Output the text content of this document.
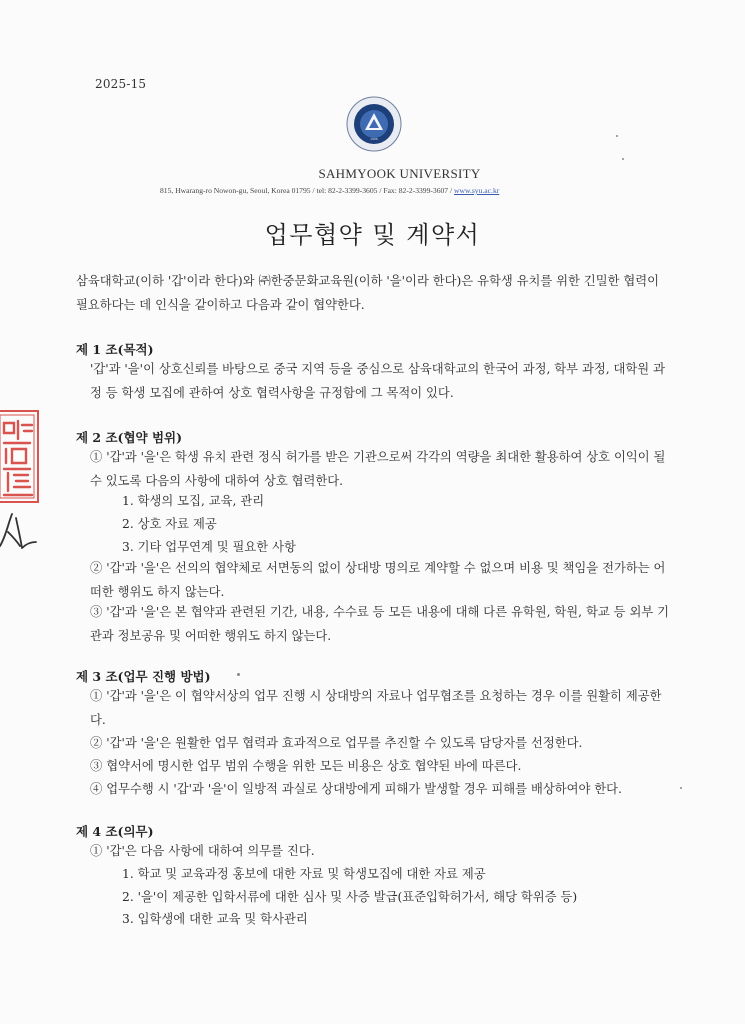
2025-15
1906
SAHMYOOK UNIVERSITY
815, Hwarang-ro Nowon-gu, Seoul, Korea 01795 / tel: 82-2-3399-3605 / Fax: 82-2-3399-3607 / www.syu.ac.kr
업무협약 및 계약서
삼육대학교(이하 '갑'이라 한다)와 ㈜한중문화교육원(이하 '을'이라 한다)은 유학생 유치를 위한 긴밀한 협력이 필요하다는 데 인식을 같이하고 다음과 같이 협약한다.
제 1 조(목적)
'갑'과 '을'이 상호신뢰를 바탕으로 중국 지역 등을 중심으로 삼육대학교의 한국어 과정, 학부 과정, 대학원 과정 등 학생 모집에 관하여 상호 협력사항을 규정함에 그 목적이 있다.
제 2 조(협약 범위)
① '갑'과 '을'은 학생 유치 관련 정식 허가를 받은 기관으로써 각각의 역량을 최대한 활용하여 상호 이익이 될 수 있도록 다음의 사항에 대하여 상호 협력한다.
1. 학생의 모집, 교육, 관리
2. 상호 자료 제공
3. 기타 업무연계 및 필요한 사항
② '갑'과 '을'은 선의의 협약체로 서면동의 없이 상대방 명의로 계약할 수 없으며 비용 및 책임을 전가하는 어떠한 행위도 하지 않는다.
③ '갑'과 '을'은 본 협약과 관련된 기간, 내용, 수수료 등 모든 내용에 대해 다른 유학원, 학원, 학교 등 외부 기관과 정보공유 및 어떠한 행위도 하지 않는다.
제 3 조(업무 진행 방법)
① '갑'과 '을'은 이 협약서상의 업무 진행 시 상대방의 자료나 업무협조를 요청하는 경우 이를 원활히 제공한다.
② '갑'과 '을'은 원활한 업무 협력과 효과적으로 업무를 추진할 수 있도록 담당자를 선정한다.
③ 협약서에 명시한 업무 범위 수행을 위한 모든 비용은 상호 협약된 바에 따른다.
④ 업무수행 시 '갑'과 '을'이 일방적 과실로 상대방에게 피해가 발생할 경우 피해를 배상하여야 한다.
제 4 조(의무)
① '갑'은 다음 사항에 대하여 의무를 진다.
1. 학교 및 교육과정 홍보에 대한 자료 및 학생모집에 대한 자료 제공
2. '을'이 제공한 입학서류에 대한 심사 및 사증 발급(표준입학허가서, 해당 학위증 등)
3. 입학생에 대한 교육 및 학사관리
